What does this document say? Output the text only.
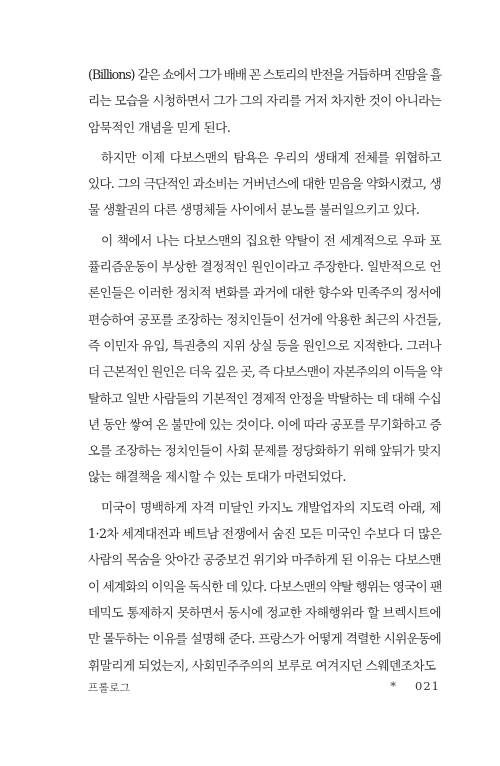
(Billions) 같은 쇼에서 그가 배배 꼰 스토리의 반전을 거듭하며 진땀을 흘
리는 모습을 시청하면서 그가 그의 자리를 거저 차지한 것이 아니라는
암묵적인 개념을 믿게 된다.

하지만 이제 다보스맨의 탐욕은 우리의 생태계 전체를 위협하고
있다. 그의 극단적인 과소비는 거버넌스에 대한 믿음을 약화시켰고, 생
물 생활권의 다른 생명체들 사이에서 분노를 불러일으키고 있다.

이 책에서 나는 다보스맨의 집요한 약탈이 전 세계적으로 우파 포
퓰리즘운동이 부상한 결정적인 원인이라고 주장한다. 일반적으로 언
론인들은 이러한 정치적 변화를 과거에 대한 향수와 민족주의 정서에
편승하여 공포를 조장하는 정치인들이 선거에 악용한 최근의 사건들,
즉 이민자 유입, 특권층의 지위 상실 등을 원인으로 지적한다. 그러나
더 근본적인 원인은 더욱 깊은 곳, 즉 다보스맨이 자본주의의 이득을 약
탈하고 일반 사람들의 기본적인 경제적 안정을 박탈하는 데 대해 수십
년 동안 쌓여 온 불만에 있는 것이다. 이에 따라 공포를 무기화하고 증
오를 조장하는 정치인들이 사회 문제를 정당화하기 위해 앞뒤가 맞지
않는 해결책을 제시할 수 있는 토대가 마련되었다.

미국이 명백하게 자격 미달인 카지노 개발업자의 지도력 아래, 제
1·2차 세계대전과 베트남 전쟁에서 숨진 모든 미국인 수보다 더 많은
사람의 목숨을 앗아간 공중보건 위기와 마주하게 된 이유는 다보스맨
이 세계화의 이익을 독식한 데 있다. 다보스맨의 약탈 행위는 영국이 팬
데믹도 통제하지 못하면서 동시에 정교한 자해행위라 할 브렉시트에
만 몰두하는 이유를 설명해 준다. 프랑스가 어떻게 격렬한 시위운동에
휘말리게 되었는지, 사회민주주의의 보루로 여겨지던 스웨덴조차도

프롤로그	* 021
